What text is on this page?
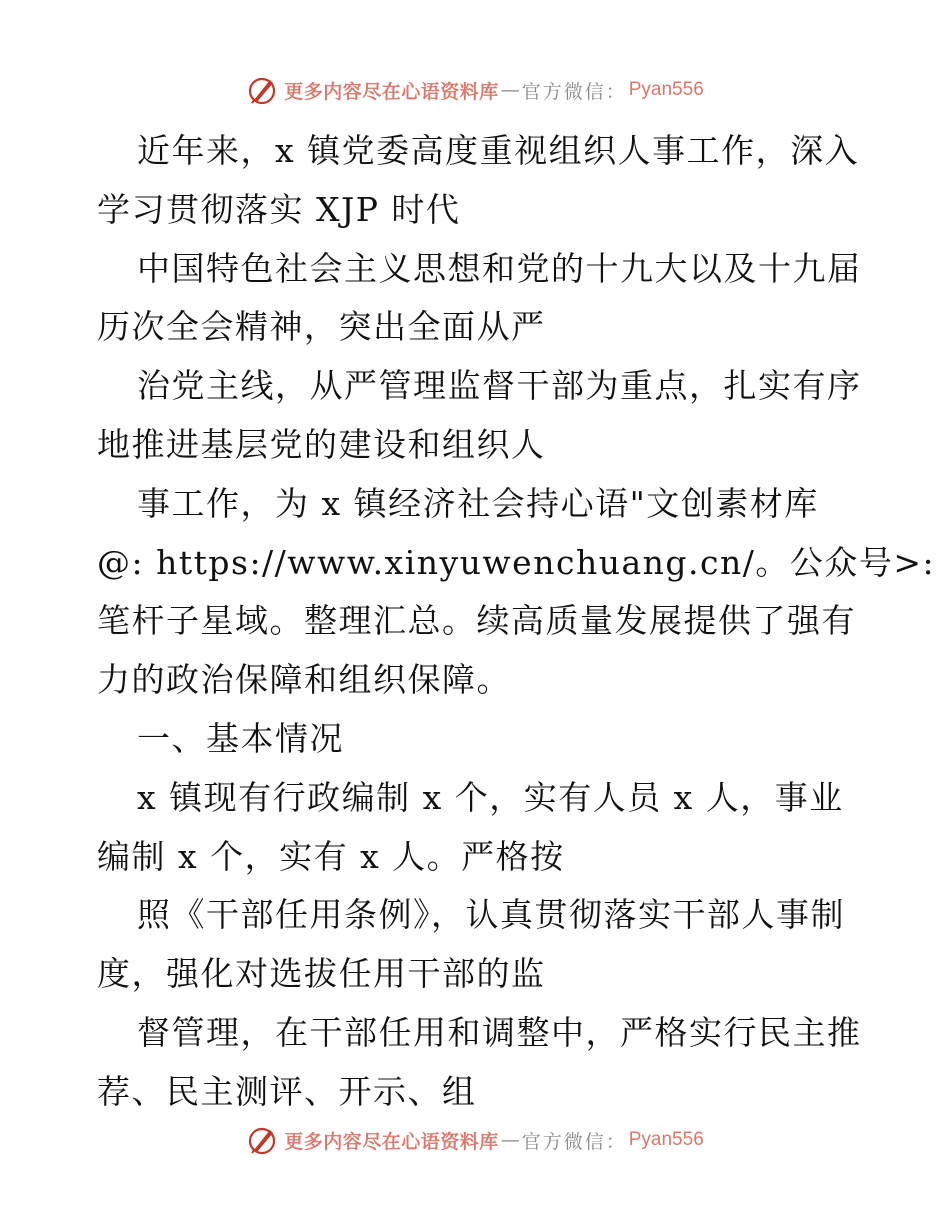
更多内容尽在心语资料库 — 官方微信： Pyan556
近年来，x 镇党委高度重视组织人事工作，深入
学习贯彻落实 XJP 时代
中国特色社会主义思想和党的十九大以及十九届
历次全会精神，突出全面从严
治党主线，从严管理监督干部为重点，扎实有序
地推进基层党的建设和组织人
事工作，为 x 镇经济社会持心语"文创素材库
@: https://www.xinyuwenchuang.cn/。公众号>:
笔杆子星域。整理汇总。续高质量发展提供了强有
力的政治保障和组织保障。
一、基本情况
x 镇现有行政编制 x 个，实有人员 x 人，事业
编制 x 个，实有 x 人。严格按
照《干部任用条例》，认真贯彻落实干部人事制
度，强化对选拔任用干部的监
督管理，在干部任用和调整中，严格实行民主推
荐、民主测评、开示、组
更多内容尽在心语资料库 — 官方微信： Pyan556
